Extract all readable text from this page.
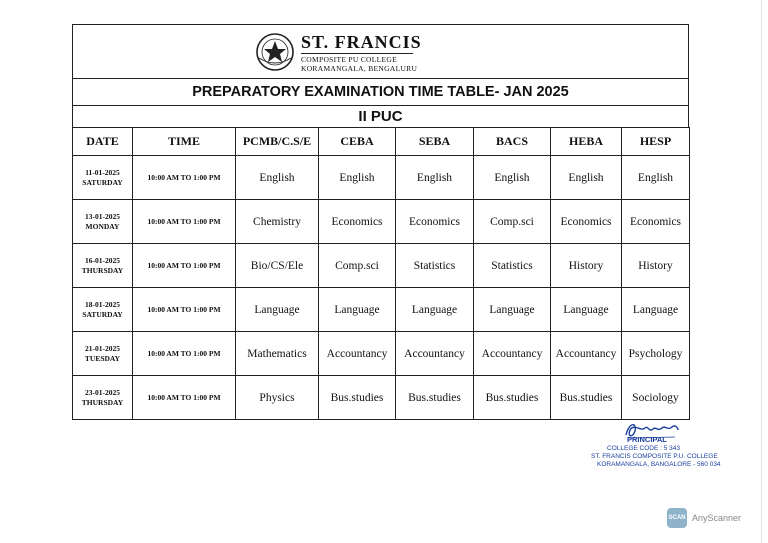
ST. FRANCIS
COMPOSITE PU COLLEGE
KORAMANGALA, BENGALURU
PREPARATORY EXAMINATION TIME TABLE- JAN 2025
II PUC
DATE	TIME	PCMB/C.S/E	CEBA	SEBA	BACS	HEBA	HESP

11-01-2025
SATURDAY	10:00 AM TO 1:00 PM	English	English	English	English	English	English

13-01-2025
MONDAY	10:00 AM TO 1:00 PM	Chemistry	Economics	Economics	Comp.sci	Economics	Economics

16-01-2025
THURSDAY	10:00 AM TO 1:00 PM	Bio/CS/Ele	Comp.sci	Statistics	Statistics	History	History

18-01-2025
SATURDAY	10:00 AM TO 1:00 PM	Language	Language	Language	Language	Language	Language

21-01-2025
TUESDAY	10:00 AM TO 1:00 PM	Mathematics	Accountancy	Accountancy	Accountancy	Accountancy	Psychology

23-01-2025
THURSDAY	10:00 AM TO 1:00 PM	Physics	Bus.studies	Bus.studies	Bus.studies	Bus.studies	Sociology
PRINCIPAL
COLLEGE CODE : 5 343
ST. FRANCIS COMPOSITE P.U. COLLEGE
KORAMANGALA, BANGALORE - 560 034
SCAN AnyScanner
